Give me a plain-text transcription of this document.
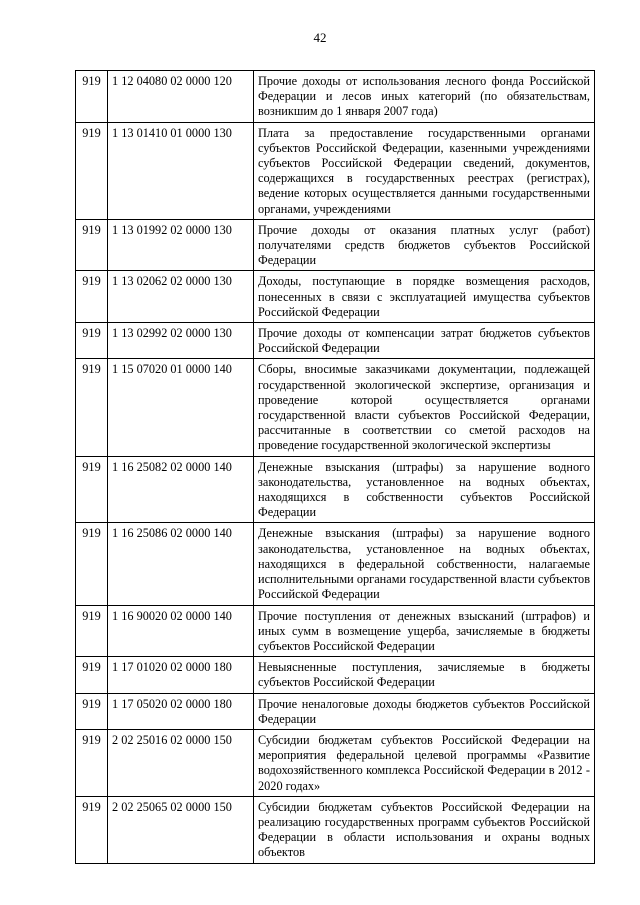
42
919	1 12 04080 02 0000 120	Прочие доходы от использования лесного фонда Российской Федерации и лесов иных категорий (по обязательствам, возникшим до 1 января 2007 года)
919	1 13 01410 01 0000 130	Плата за предоставление государственными органами субъектов Российской Федерации, казенными учреждениями субъектов Российской Федерации сведений, документов, содержащихся в государственных реестрах (регистрах), ведение которых осуществляется данными государственными органами, учреждениями
919	1 13 01992 02 0000 130	Прочие доходы от оказания платных услуг (работ) получателями средств бюджетов субъектов Российской Федерации
919	1 13 02062 02 0000 130	Доходы, поступающие в порядке возмещения расходов, понесенных в связи с эксплуатацией имущества субъектов Российской Федерации
919	1 13 02992 02 0000 130	Прочие доходы от компенсации затрат бюджетов субъектов Российской Федерации
919	1 15 07020 01 0000 140	Сборы, вносимые заказчиками документации, подлежащей государственной экологической экспертизе, организация и проведение которой осуществляется органами государственной власти субъектов Российской Федерации, рассчитанные в соответствии со сметой расходов на проведение государственной экологической экспертизы
919	1 16 25082 02 0000 140	Денежные взыскания (штрафы) за нарушение водного законодательства, установленное на водных объектах, находящихся в собственности субъектов Российской Федерации
919	1 16 25086 02 0000 140	Денежные взыскания (штрафы) за нарушение водного законодательства, установленное на водных объектах, находящихся в федеральной собственности, налагаемые исполнительными органами государственной власти субъектов Российской Федерации
919	1 16 90020 02 0000 140	Прочие поступления от денежных взысканий (штрафов) и иных сумм в возмещение ущерба, зачисляемые в бюджеты субъектов Российской Федерации
919	1 17 01020 02 0000 180	Невыясненные поступления, зачисляемые в бюджеты субъектов Российской Федерации
919	1 17 05020 02 0000 180	Прочие неналоговые доходы бюджетов субъектов Российской Федерации
919	2 02 25016 02 0000 150	Субсидии бюджетам субъектов Российской Федерации на мероприятия федеральной целевой программы «Развитие водохозяйственного комплекса Российской Федерации в 2012 - 2020 годах»
919	2 02 25065 02 0000 150	Субсидии бюджетам субъектов Российской Федерации на реализацию государственных программ субъектов Российской Федерации в области использования и охраны водных объектов
